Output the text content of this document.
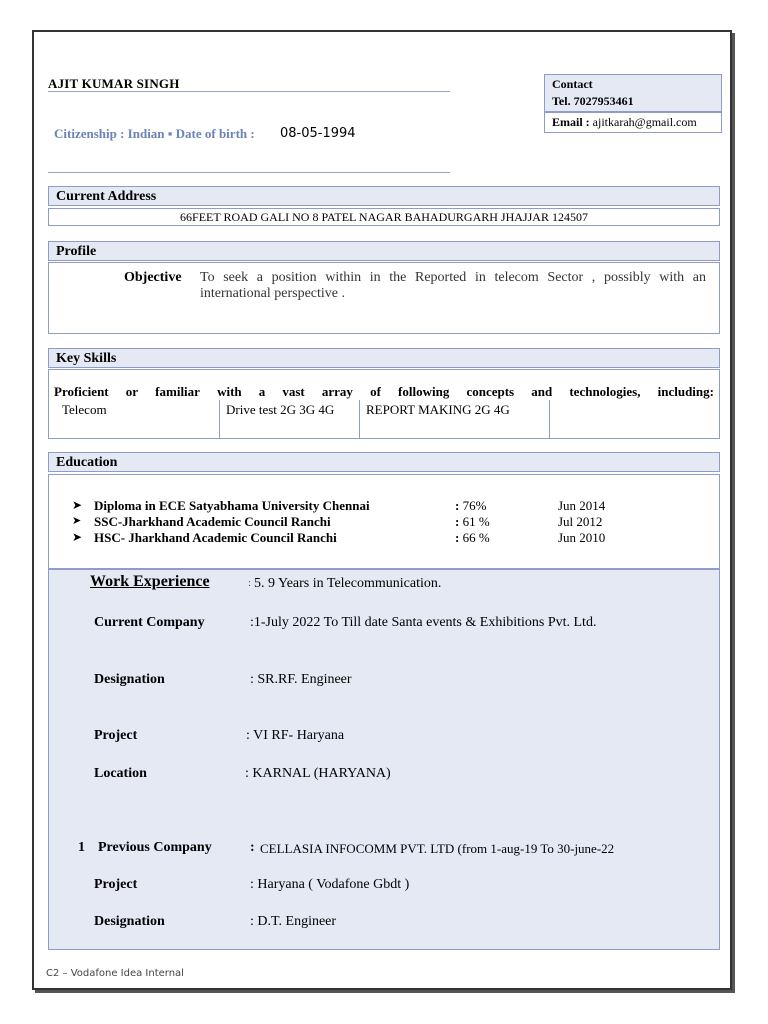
AJIT KUMAR SINGH	Contact
Tel. 7027953461
Email : ajitkarah@gmail.com
Citizenship : Indian ▪ Date of birth : 08-05-1994
Current Address
66FEET ROAD GALI NO 8 PATEL NAGAR BAHADURGARH JHAJJAR 124507
Profile
Objective To seek a position within in the Reported in telecom Sector , possibly with an international perspective .
Key Skills
Proficient or familiar with a vast array of following concepts and technologies, including:
Telecom	Drive test 2G 3G 4G	REPORT MAKING 2G 4G
Education
➤ Diploma in ECE Satyabhama University Chennai	: 76%	Jun 2014
➤ SSC-Jharkhand Academic Council Ranchi	: 61 %	Jul 2012
➤ HSC- Jharkhand Academic Council Ranchi	: 66 %	Jun 2010
Work Experience	: 5. 9 Years in Telecommunication.
Current Company	:1-July 2022 To Till date Santa events & Exhibitions Pvt. Ltd.
Designation	: SR.RF. Engineer
Project	: VI RF- Haryana
Location	: KARNAL (HARYANA)
1 Previous Company	: CELLASIA INFOCOMM PVT. LTD (from 1-aug-19 To 30-june-22
Project	: Haryana ( Vodafone Gbdt )
Designation	: D.T. Engineer
C2 – Vodafone Idea Internal
